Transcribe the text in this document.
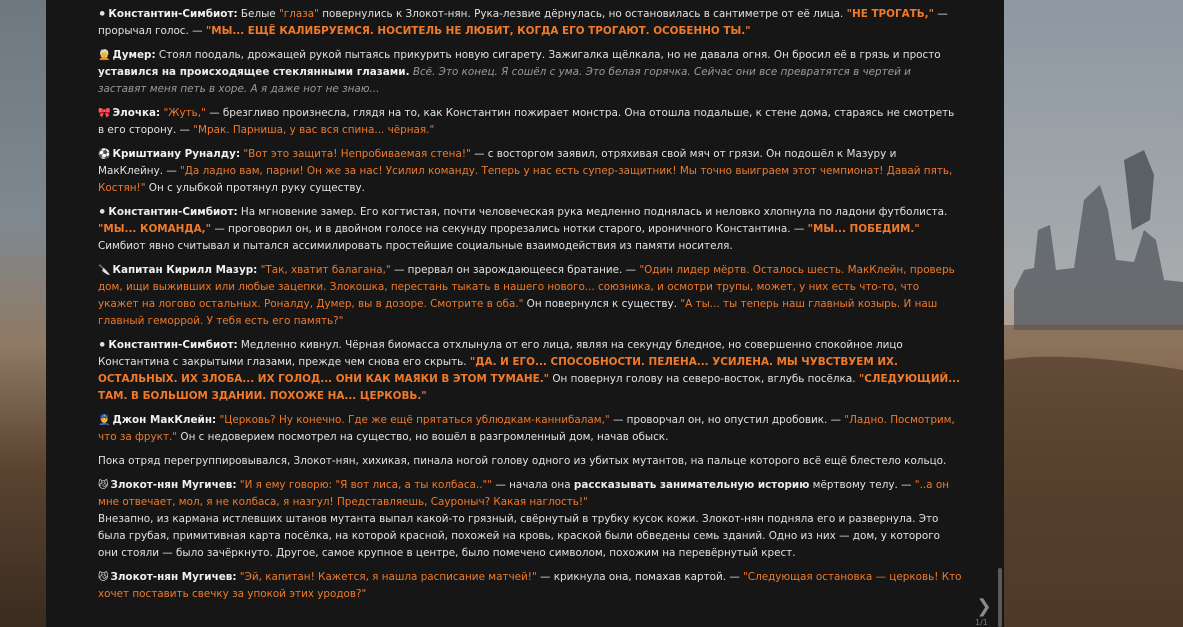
⚫ Константин-Симбиот: Белые "глаза" повернулись к Злокот-нян. Рука-лезвие дёрнулась, но остановилась в сантиметре от её лица. "НЕ ТРОГАТЬ," — прорычал голос. — "МЫ... ЕЩЁ КАЛИБРУЕМСЯ. НОСИТЕЛЬ НЕ ЛЮБИТ, КОГДА ЕГО ТРОГАЮТ. ОСОБЕННО ТЫ."
🧑‍🦳 Думер: Стоял поодаль, дрожащей рукой пытаясь прикурить новую сигарету. Зажигалка щёлкала, но не давала огня. Он бросил её в грязь и просто уставился на происходящее стеклянными глазами. Всё. Это конец. Я сошёл с ума. Это белая горячка. Сейчас они все превратятся в чертей и заставят меня петь в хоре. А я даже нот не знаю...
🎀 Элочка: "Жуть," — брезгливо произнесла, глядя на то, как Константин пожирает монстра. Она отошла подальше, к стене дома, стараясь не смотреть в его сторону. — "Мрак. Парниша, у вас вся спина... чёрная."
⚽ Криштиану Руналду: "Вот это защита! Непробиваемая стена!" — с восторгом заявил, отряхивая свой мяч от грязи. Он подошёл к Мазуру и МакКлейну. — "Да ладно вам, парни! Он же за нас! Усилил команду. Теперь у нас есть супер-защитник! Мы точно выиграем этот чемпионат! Давай пять, Костян!" Он с улыбкой протянул руку существу.
⚫ Константин-Симбиот: На мгновение замер. Его когтистая, почти человеческая рука медленно поднялась и неловко хлопнула по ладони футболиста. "МЫ... КОМАНДА," — проговорил он, и в двойном голосе на секунду прорезались нотки старого, ироничного Константина. — "МЫ... ПОБЕДИМ." Симбиот явно считывал и пытался ассимилировать простейшие социальные взаимодействия из памяти носителя.
🔪 Капитан Кирилл Мазур: "Так, хватит балагана," — прервал он зарождающееся братание. — "Один лидер мёртв. Осталось шесть. МакКлейн, проверь дом, ищи выживших или любые зацепки. Злокошка, перестань тыкать в нашего нового... союзника, и осмотри трупы, может, у них есть что-то, что укажет на логово остальных. Роналду, Думер, вы в дозоре. Смотрите в оба." Он повернулся к существу. "А ты... ты теперь наш главный козырь. И наш главный геморрой. У тебя есть его память?"
⚫ Константин-Симбиот: Медленно кивнул. Чёрная биомасса отхлынула от его лица, являя на секунду бледное, но совершенно спокойное лицо Константина с закрытыми глазами, прежде чем снова его скрыть. "ДА. И ЕГО... СПОСОБНОСТИ. ПЕЛЕНА... УСИЛЕНА. МЫ ЧУВСТВУЕМ ИХ. ОСТАЛЬНЫХ. ИХ ЗЛОБА... ИХ ГОЛОД... ОНИ КАК МАЯКИ В ЭТОМ ТУМАНЕ." Он повернул голову на северо-восток, вглубь посёлка. "СЛЕДУЮЩИЙ... ТАМ. В БОЛЬШОМ ЗДАНИИ. ПОХОЖЕ НА... ЦЕРКОВЬ."
👮 Джон МакКлейн: "Церковь? Ну конечно. Где же ещё прятаться ублюдкам-каннибалам," — проворчал он, но опустил дробовик. — "Ладно. Посмотрим, что за фрукт." Он с недоверием посмотрел на существо, но вошёл в разгромленный дом, начав обыск.
Пока отряд перегруппировывался, Злокот-нян, хихикая, пинала ногой голову одного из убитых мутантов, на пальце которого всё ещё блестело кольцо.
😼 Злокот-нян Мугичев: "И я ему говорю: "Я вот лиса, а ты колбаса.."" — начала она рассказывать занимательную историю мёртвому телу. — "..а он мне отвечает, мол, я не колбаса, я назгул! Представляешь, Сауроныч? Какая наглость!"
Внезапно, из кармана истлевших штанов мутанта выпал какой-то грязный, свёрнутый в трубку кусок кожи. Злокот-нян подняла его и развернула. Это была грубая, примитивная карта посёлка, на которой красной, похожей на кровь, краской были обведены семь зданий. Одно из них — дом, у которого они стояли — было зачёркнуто. Другое, самое крупное в центре, было помечено символом, похожим на перевёрнутый крест.
😼 Злокот-нян Мугичев: "Эй, капитан! Кажется, я нашла расписание матчей!" — крикнула она, помахав картой. — "Следующая остановка — церковь! Кто хочет поставить свечку за упокой этих уродов?"
❯
1/1
